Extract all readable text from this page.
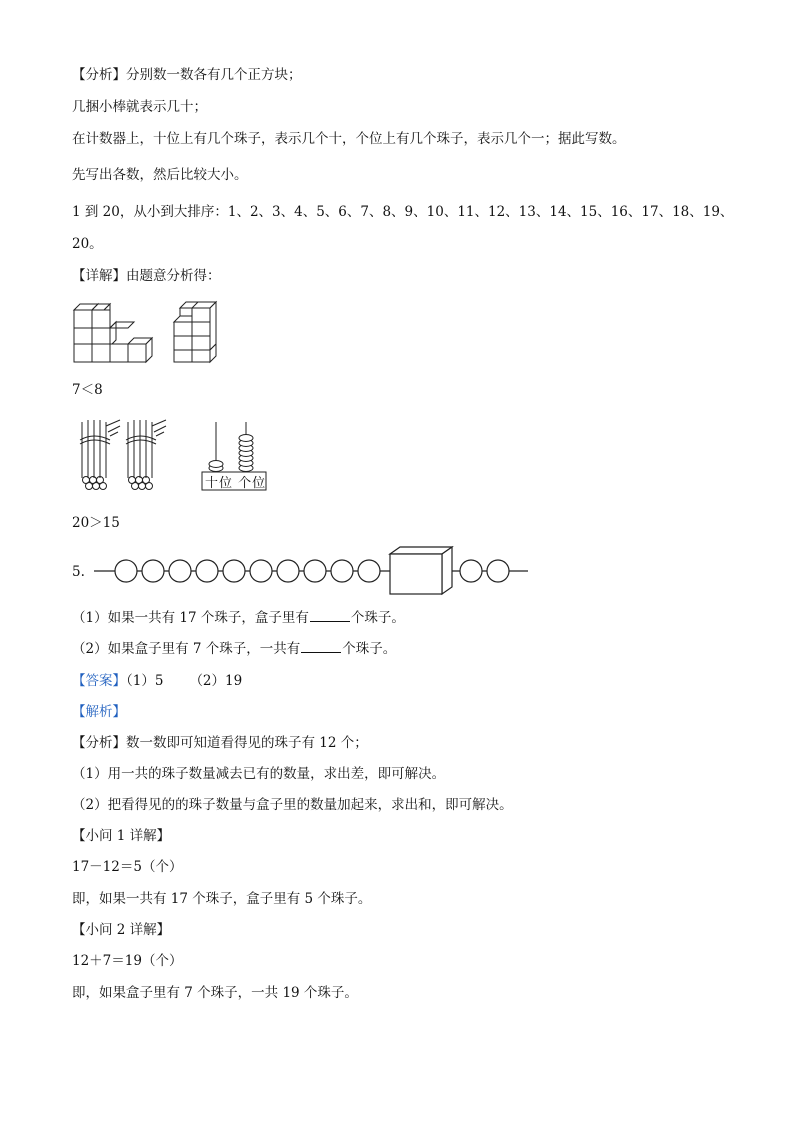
【分析】分别数一数各有几个正方块；
几捆小棒就表示几十；
在计数器上，十位上有几个珠子，表示几个十，个位上有几个珠子，表示几个一；据此写数。
先写出各数，然后比较大小。
1 到 20，从小到大排序：1、2、3、4、5、6、7、8、9、10、11、12、13、14、15、16、17、18、19、
20。
【详解】由题意分析得：
7＜8
十位 个位
20＞15
5.
（1）如果一共有 17 个珠子，盒子里有	个珠子。
（2）如果盒子里有 7 个珠子，一共有	个珠子。
【答案】（1）5 （2）19
【解析】
【分析】数一数即可知道看得见的珠子有 12 个；
（1）用一共的珠子数量减去已有的数量，求出差，即可解决。
（2）把看得见的的珠子数量与盒子里的数量加起来，求出和，即可解决。
【小问 1 详解】
17－12＝5（个）
即，如果一共有 17 个珠子，盒子里有 5 个珠子。
【小问 2 详解】
12＋7＝19（个）
即，如果盒子里有 7 个珠子，一共 19 个珠子。
